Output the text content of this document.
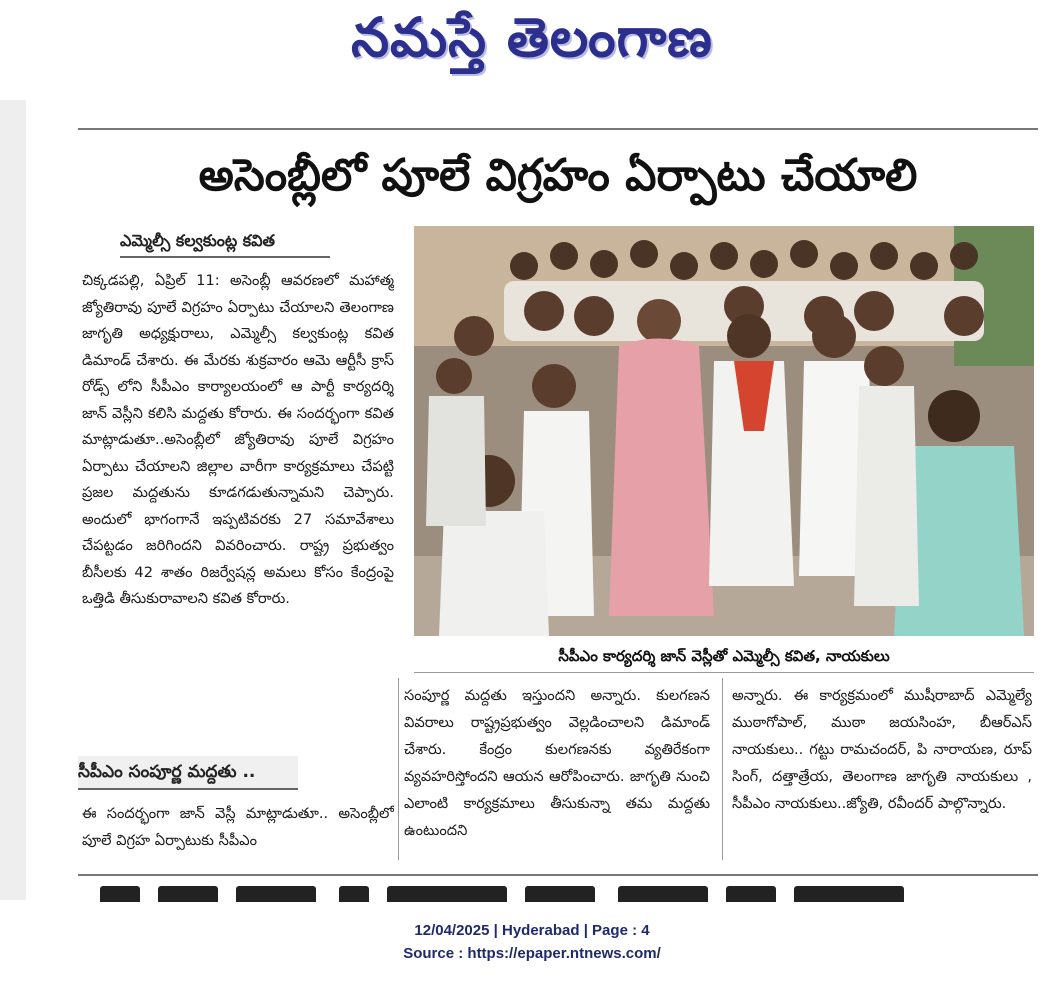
నమస్తే తెలంగాణ
అసెంబ్లీలో పూలే విగ్రహం ఏర్పాటు చేయాలి
ఎమ్మెల్సీ కల్వకుంట్ల కవిత
చిక్కడపల్లి, ఏప్రిల్ 11: అసెంబ్లీ ఆవరణలో మహాత్మ జ్యోతిరావు పూలే విగ్రహం ఏర్పాటు చేయాలని తెలంగాణ జాగృతి అధ్యక్షురాలు, ఎమ్మెల్సీ కల్వకుంట్ల కవిత డిమాండ్ చేశారు. ఈ మేరకు శుక్రవారం ఆమె ఆర్టీసీ క్రాస్ రోడ్స్ లోని సీపీఎం కార్యాలయంలో ఆ పార్టీ కార్యదర్శి జాన్ వెస్లీని కలిసి మద్దతు కోరారు. ఈ సందర్భంగా కవిత మాట్లాడుతూ..అసెంబ్లీలో జ్యోతిరావు పూలే విగ్రహం ఏర్పాటు చేయాలని జిల్లాల వారీగా కార్యక్రమాలు చేపట్టి ప్రజల మద్దతును కూడగడుతున్నామని చెప్పారు. అందులో భాగంగానే ఇప్పటివరకు 27 సమావేశాలు చేపట్టడం జరిగిందని వివరించారు. రాష్ట్ర ప్రభుత్వం బీసీలకు 42 శాతం రిజర్వేషన్ల అమలు కోసం కేంద్రంపై ఒత్తిడి తీసుకురావాలని కవిత కోరారు.
సీపీఎం సంపూర్ణ మద్దతు ..
ఈ సందర్భంగా జాన్ వెస్లీ మాట్లాడుతూ.. అసెంబ్లీలో పూలే విగ్రహ ఏర్పాటుకు సీపీఎం
సీపీఎం కార్యదర్శి జాన్ వెస్లీతో ఎమ్మెల్సీ కవిత, నాయకులు
సంపూర్ణ మద్దతు ఇస్తుందని అన్నారు. కులగణన వివరాలు రాష్ట్రప్రభుత్వం వెల్లడించాలని డిమాండ్ చేశారు. కేంద్రం కులగణనకు వ్యతిరేకంగా వ్యవహరిస్తోందని ఆయన ఆరోపించారు. జాగృతి నుంచి ఎలాంటి కార్యక్రమాలు తీసుకున్నా తమ మద్దతు ఉంటుందని
అన్నారు. ఈ కార్యక్రమంలో ముషీరాబాద్ ఎమ్మెల్యే ముఠాగోపాల్, ముఠా జయసింహ, బీఆర్ఎస్ నాయకులు.. గట్టు రామచందర్, పి నారాయణ, రూప్ సింగ్, దత్తాత్రేయ, తెలంగాణ జాగృతి నాయకులు , సీపీఎం నాయకులు..జ్యోతి, రవీందర్ పాల్గొన్నారు.

12/04/2025 | Hyderabad | Page : 4
Source : https://epaper.ntnews.com/
